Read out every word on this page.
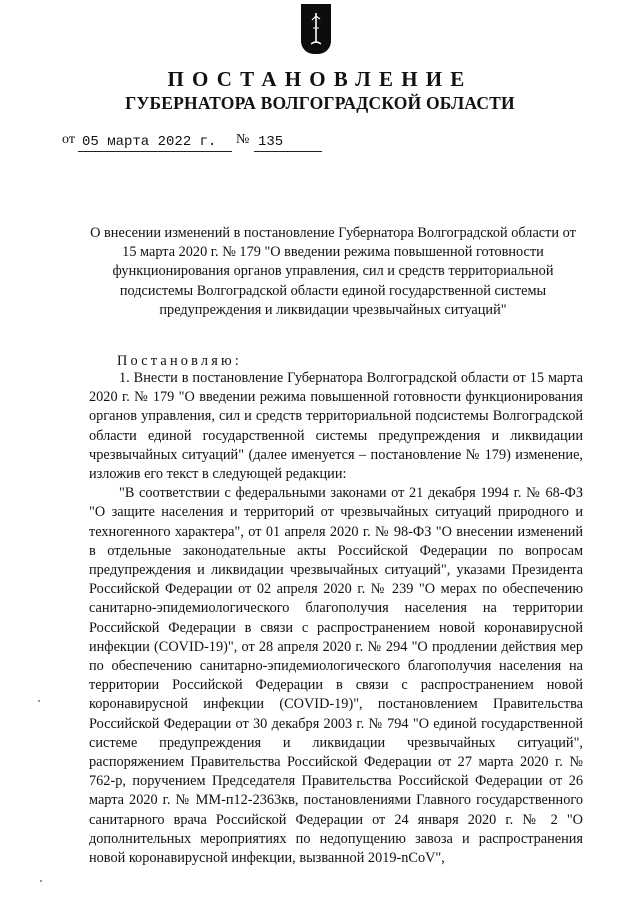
ПОСТАНОВЛЕНИЕ
ГУБЕРНАТОРА ВОЛГОГРАДСКОЙ ОБЛАСТИ
от 05 марта 2022 г.	№ 135
О внесении изменений в постановление Губернатора Волгоградской области от 15 марта 2020 г. № 179 "О введении режима повышенной готовности функционирования органов управления, сил и средств территориальной подсистемы Волгоградской области единой государственной системы предупреждения и ликвидации чрезвычайных ситуаций"
Постановляю:

1. Внести в постановление Губернатора Волгоградской области от 15 марта 2020 г. № 179 "О введении режима повышенной готовности функционирования органов управления, сил и средств территориальной подсистемы Волгоградской области единой государственной системы предупреждения и ликвидации чрезвычайных ситуаций" (далее именуется – постановление № 179) изменение, изложив его текст в следующей редакции:

"В соответствии с федеральными законами от 21 декабря 1994 г. № 68-ФЗ "О защите населения и территорий от чрезвычайных ситуаций природного и техногенного характера", от 01 апреля 2020 г. № 98-ФЗ "О внесении изменений в отдельные законодательные акты Российской Федерации по вопросам предупреждения и ликвидации чрезвычайных ситуаций", указами Президента Российской Федерации от 02 апреля 2020 г. № 239 "О мерах по обеспечению санитарно-эпидемиологического благополучия населения на территории Российской Федерации в связи с распространением новой коронавирусной инфекции (COVID-19)", от 28 апреля 2020 г. № 294 "О продлении действия мер по обеспечению санитарно-эпидемиологического благополучия населения на территории Российской Федерации в связи с распространением новой коронавирусной инфекции (COVID-19)", постановлением Правительства Российской Федерации от 30 декабря 2003 г. № 794 "О единой государственной системе предупреждения и ликвидации чрезвычайных ситуаций", распоряжением Правительства Российской Федерации от 27 марта 2020 г. № 762-р, поручением Председателя Правительства Российской Федерации от 26 марта 2020 г. № ММ-п12-2363кв, постановлениями Главного государственного санитарного врача Российской Федерации от 24 января 2020 г. № 2 "О дополнительных мероприятиях по недопущению завоза и распространения новой коронавирусной инфекции, вызванной 2019-nCoV",
